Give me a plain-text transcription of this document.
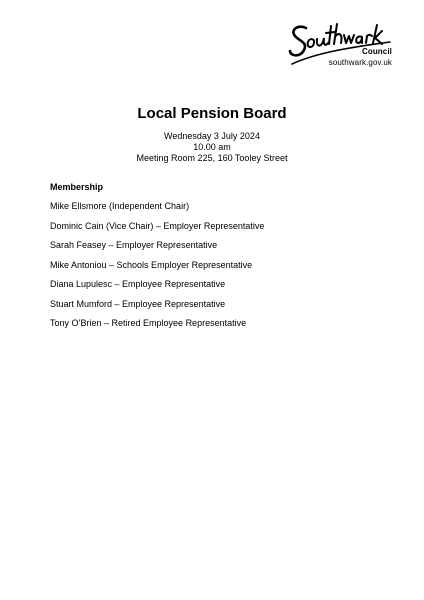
Council
southwark.gov.uk
Local Pension Board
Wednesday 3 July 2024
10.00 am
Meeting Room 225, 160 Tooley Street
Membership
Mike Ellsmore (Independent Chair)
Dominic Cain (Vice Chair) – Employer Representative
Sarah Feasey – Employer Representative
Mike Antoniou – Schools Employer Representative
Diana Lupulesc – Employee Representative
Stuart Mumford – Employee Representative
Tony O’Brien – Retired Employee Representative
